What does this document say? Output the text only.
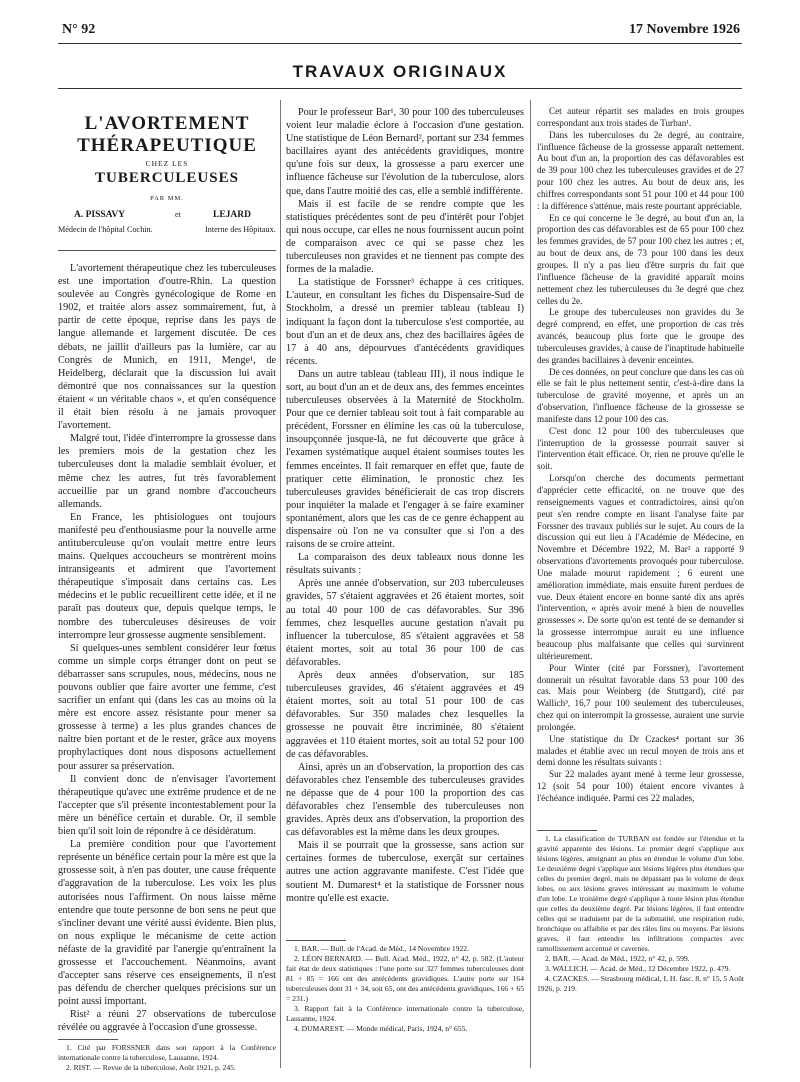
N° 92	17 Novembre 1926
TRAVAUX ORIGINAUX
L'AVORTEMENT
THÉRAPEUTIQUE
CHEZ LES
TUBERCULEUSES
PAR MM.
A. PISSAVY	et	LEJARD
Médecin de l'hôpital Cochin.	Interne des Hôpitaux.

L'avortement thérapeutique chez les tuberculeuses est une importation d'outre-Rhin. La question soulevée au Congrès gynécologique de Rome en 1902, et traitée alors assez sommairement, fut, à partir de cette époque, reprise dans les pays de langue allemande et largement discutée. De ces débats, ne jaillit d'ailleurs pas la lumière, car au Congrès de Munich, en 1911, Menge¹, de Heidelberg, déclarait que la discussion lui avait démontré que nos connaissances sur la question étaient « un véritable chaos », et qu'en conséquence il était bien résolu à ne jamais provoquer l'avortement.

Malgré tout, l'idée d'interrompre la grossesse dans les premiers mois de la gestation chez les tuberculeuses dont la maladie semblait évoluer, et même chez les autres, fut très favorablement accueillie par un grand nombre d'accoucheurs allemands.

En France, les phtisiologues ont toujours manifesté peu d'enthousiasme pour la nouvelle arme antituberculeuse qu'on voulait mettre entre leurs mains. Quelques accoucheurs se montrèrent moins intransigeants et admirent que l'avortement thérapeutique s'imposait dans certains cas. Les médecins et le public recueillirent cette idée, et il ne paraît pas douteux que, depuis quelque temps, le nombre des tuberculeuses désireuses de voir interrompre leur grossesse augmente sensiblement.

Si quelques-unes semblent considérer leur fœtus comme un simple corps étranger dont on peut se débarrasser sans scrupules, nous, médecins, nous ne pouvons oublier que faire avorter une femme, c'est sacrifier un enfant qui (dans les cas au moins où la mère est encore assez résistante pour mener sa grossesse à terme) a les plus grandes chances de naître bien portant et de le rester, grâce aux moyens prophylactiques dont nous disposons actuellement pour assurer sa préservation.

Il convient donc de n'envisager l'avortement thérapeutique qu'avec une extrême prudence et de ne l'accepter que s'il présente incontestablement pour la mère un bénéfice certain et durable. Or, il semble bien qu'il soit loin de répondre à ce désidératum.

La première condition pour que l'avortement représente un bénéfice certain pour la mère est que la grossesse soit, à n'en pas douter, une cause fréquente d'aggravation de la tuberculose. Les voix les plus autorisées nous l'affirment. On nous laisse même entendre que toute personne de bon sens ne peut que s'incliner devant une vérité aussi évidente. Bien plus, on nous explique le mécanisme de cette action néfaste de la gravidité par l'anergie qu'entraînent la grossesse et l'accouchement. Néanmoins, avant d'accepter sans réserve ces enseignements, il n'est pas défendu de chercher quelques précisions sur un point aussi important.

Rist² a réuni 27 observations de tuberculose révélée ou aggravée à l'occasion d'une grossesse.

Pour le professeur Bar¹, 30 pour 100 des tuberculeuses voient leur maladie éclore à l'occasion d'une gestation. Une statistique de Léon Bernard², portant sur 234 femmes bacillaires ayant des antécédents gravidiques, montre qu'une fois sur deux, la grossesse a paru exercer une influence fâcheuse sur l'évolution de la tuberculose, alors que, dans l'autre moitié des cas, elle a semblé indifférente.

Mais il est facile de se rendre compte que les statistiques précédentes sont de peu d'intérêt pour l'objet qui nous occupe, car elles ne nous fournissent aucun point de comparaison avec ce qui se passe chez les tuberculeuses non gravides et ne tiennent pas compte des formes de la maladie.

La statistique de Forssner³ échappe à ces critiques. L'auteur, en consultant les fiches du Dispensaire-Sud de Stockholm, a dressé un premier tableau (tableau I) indiquant la façon dont la tuberculose s'est comportée, au bout d'un an et de deux ans, chez des bacillaires âgées de 17 à 40 ans, dépourvues d'antécédents gravidiques récents.

Dans un autre tableau (tableau III), il nous indique le sort, au bout d'un an et de deux ans, des femmes enceintes tuberculeuses observées à la Maternité de Stockholm. Pour que ce dernier tableau soit tout à fait comparable au précédent, Forssner en élimine les cas où la tuberculose, insoupçonnée jusque-là, ne fut découverte que grâce à l'examen systématique auquel étaient soumises toutes les femmes enceintes. Il fait remarquer en effet que, faute de pratiquer cette élimination, le pronostic chez les tuberculeuses gravides bénéficierait de cas trop discrets pour inquiéter la malade et l'engager à se faire examiner spontanément, alors que les cas de ce genre échappent au dispensaire où l'on ne va consulter que si l'on a des raisons de se croire atteint.

La comparaison des deux tableaux nous donne les résultats suivants :

Après une année d'observation, sur 203 tuberculeuses gravides, 57 s'étaient aggravées et 26 étaient mortes, soit au total 40 pour 100 de cas défavorables. Sur 396 femmes, chez lesquelles aucune gestation n'avait pu influencer la tuberculose, 85 s'étaient aggravées et 58 étaient mortes, soit au total 36 pour 100 de cas défavorables.

Après deux années d'observation, sur 185 tuberculeuses gravides, 46 s'étaient aggravées et 49 étaient mortes, soit au total 51 pour 100 de cas défavorables. Sur 350 malades chez lesquelles la grossesse ne pouvait être incriminée, 80 s'étaient aggravées et 110 étaient mortes, soit au total 52 pour 100 de cas défavorables.

Ainsi, après un an d'observation, la proportion des cas défavorables chez l'ensemble des tuberculeuses gravides ne dépasse que de 4 pour 100 la proportion des cas défavorables chez l'ensemble des tuberculeuses non gravides. Après deux ans d'observation, la proportion des cas défavorables est la même dans les deux groupes.

Mais il se pourrait que la grossesse, sans action sur certaines formes de tuberculose, exerçât sur certaines autres une action aggravante manifeste. C'est l'idée que soutient M. Dumarest⁴ et la statistique de Forssner nous montre qu'elle est exacte.

Cet auteur répartit ses malades en trois groupes correspondant aux trois stades de Turban¹.

Dans les tuberculoses du 2e degré, au contraire, l'influence fâcheuse de la grossesse apparaît nettement. Au bout d'un an, la proportion des cas défavorables est de 39 pour 100 chez les tuberculeuses gravides et de 27 pour 100 chez les autres. Au bout de deux ans, les chiffres correspondants sont 51 pour 100 et 44 pour 100 : la différence s'atténue, mais reste pourtant appréciable.

En ce qui concerne le 3e degré, au bout d'un an, la proportion des cas défavorables est de 65 pour 100 chez les femmes gravides, de 57 pour 100 chez les autres ; et, au bout de deux ans, de 73 pour 100 dans les deux groupes. Il n'y a pas lieu d'être surpris du fait que l'influence fâcheuse de la gravidité apparaît moins nettement chez les tuberculeuses du 3e degré que chez celles du 2e.

Le groupe des tuberculeuses non gravides du 3e degré comprend, en effet, une proportion de cas très avancés, beaucoup plus forte que le groupe des tuberculeuses gravides, à cause de l'inaptitude habituelle des grandes bacillaires à devenir enceintes.

De ces données, on peut conclure que dans les cas où elle se fait le plus nettement sentir, c'est-à-dire dans la tuberculose de gravité moyenne, et après un an d'observation, l'influence fâcheuse de la grossesse se manifeste dans 12 pour 100 des cas.

C'est donc 12 pour 100 des tuberculeuses que l'interruption de la grossesse pourrait sauver si l'intervention était efficace. Or, rien ne prouve qu'elle le soit.

Lorsqu'on cherche des documents permettant d'apprécier cette efficacité, on ne trouve que des renseignements vagues et contradictoires, ainsi qu'on peut s'en rendre compte en lisant l'analyse faite par Forssner des travaux publiés sur le sujet. Au cours de la discussion qui eut lieu à l'Académie de Médecine, en Novembre et Décembre 1922, M. Bar² a rapporté 9 observations d'avortements provoqués pour tuberculose. Une malade mourut rapidement ; 6 eurent une amélioration immédiate, mais ensuite furent perdues de vue. Deux étaient encore en bonne santé dix ans après l'intervention, « après avoir mené à bien de nouvelles grossesses ». De sorte qu'on est tenté de se demander si la grossesse interrompue aurait eu une influence beaucoup plus malfaisante que celles qui survinrent ultérieurement.

Pour Winter (cité par Forssner), l'avortement donnerait un résultat favorable dans 53 pour 100 des cas. Mais pour Weinberg (de Stuttgard), cité par Wallich³, 16,7 pour 100 seulement des tuberculeuses, chez qui on interrompit la grossesse, auraient une survie prolongée.

Une statistique du Dr Czackes⁴ portant sur 36 malades et établie avec un recul moyen de trois ans et demi donne les résultats suivants :

Sur 22 malades ayant mené à terme leur grossesse, 12 (soit 54 pour 100) étaient encore vivantes à l'échéance indiquée. Parmi ces 22 malades,

1. Cité par FORSSNER dans son rapport à la Conférence internationale contre la tuberculose, Lausanne, 1924.

2. RIST. — Revue de la tuberculose, Août 1921, p. 245.

1. BAR. — Bull. de l'Acad. de Méd., 14 Novembre 1922.

2. LÉON BERNARD. — Bull. Acad. Méd., 1922, n° 42, p. 582. (L'auteur fait état de deux statistiques : l'une porte sur 327 femmes tuberculeuses dont 81 + 85 = 166 ont des antécédents gravidiques. L'autre porte sur 164 tuberculeuses dont 31 + 34, soit 65, ont des antécédents gravidiques, 166 + 65 = 231.)

3. Rapport fait à la Conférence internationale contre la tuberculose, Lausanne, 1924.

4. DUMAREST. — Monde médical, Paris, 1924, n° 655.

1. La classification de TURBAN est fondée sur l'étendue et la gravité apparente des lésions. Le premier degré s'applique aux lésions légères, atteignant au plus en étendue le volume d'un lobe. Le deuxième degré s'applique aux lésions légères plus étendues que celles du premier degré, mais ne dépassant pas le volume de deux lobes, ou aux lésions graves intéressant au maximum le volume d'un lobe. Le troisième degré s'applique à toute lésion plus étendue que celles du deuxième degré. Par lésions légères, il faut entendre celles qui se traduisent par de la submatité, une respiration rude, bronchique ou affaiblie et par des râles fins ou moyens. Par lésions graves, il faut entendre les infiltrations compactes avec ramollissement accentué et cavernes.

2. BAR. — Acad. de Méd., 1922, n° 42, p. 599.

3. WALLICH. — Acad. de Méd., 12 Décembre 1922, p. 479.

4. CZACKES. — Strasbourg médical, I, H. fasc. 8, n° 15, 5 Août 1926, p. 219.
